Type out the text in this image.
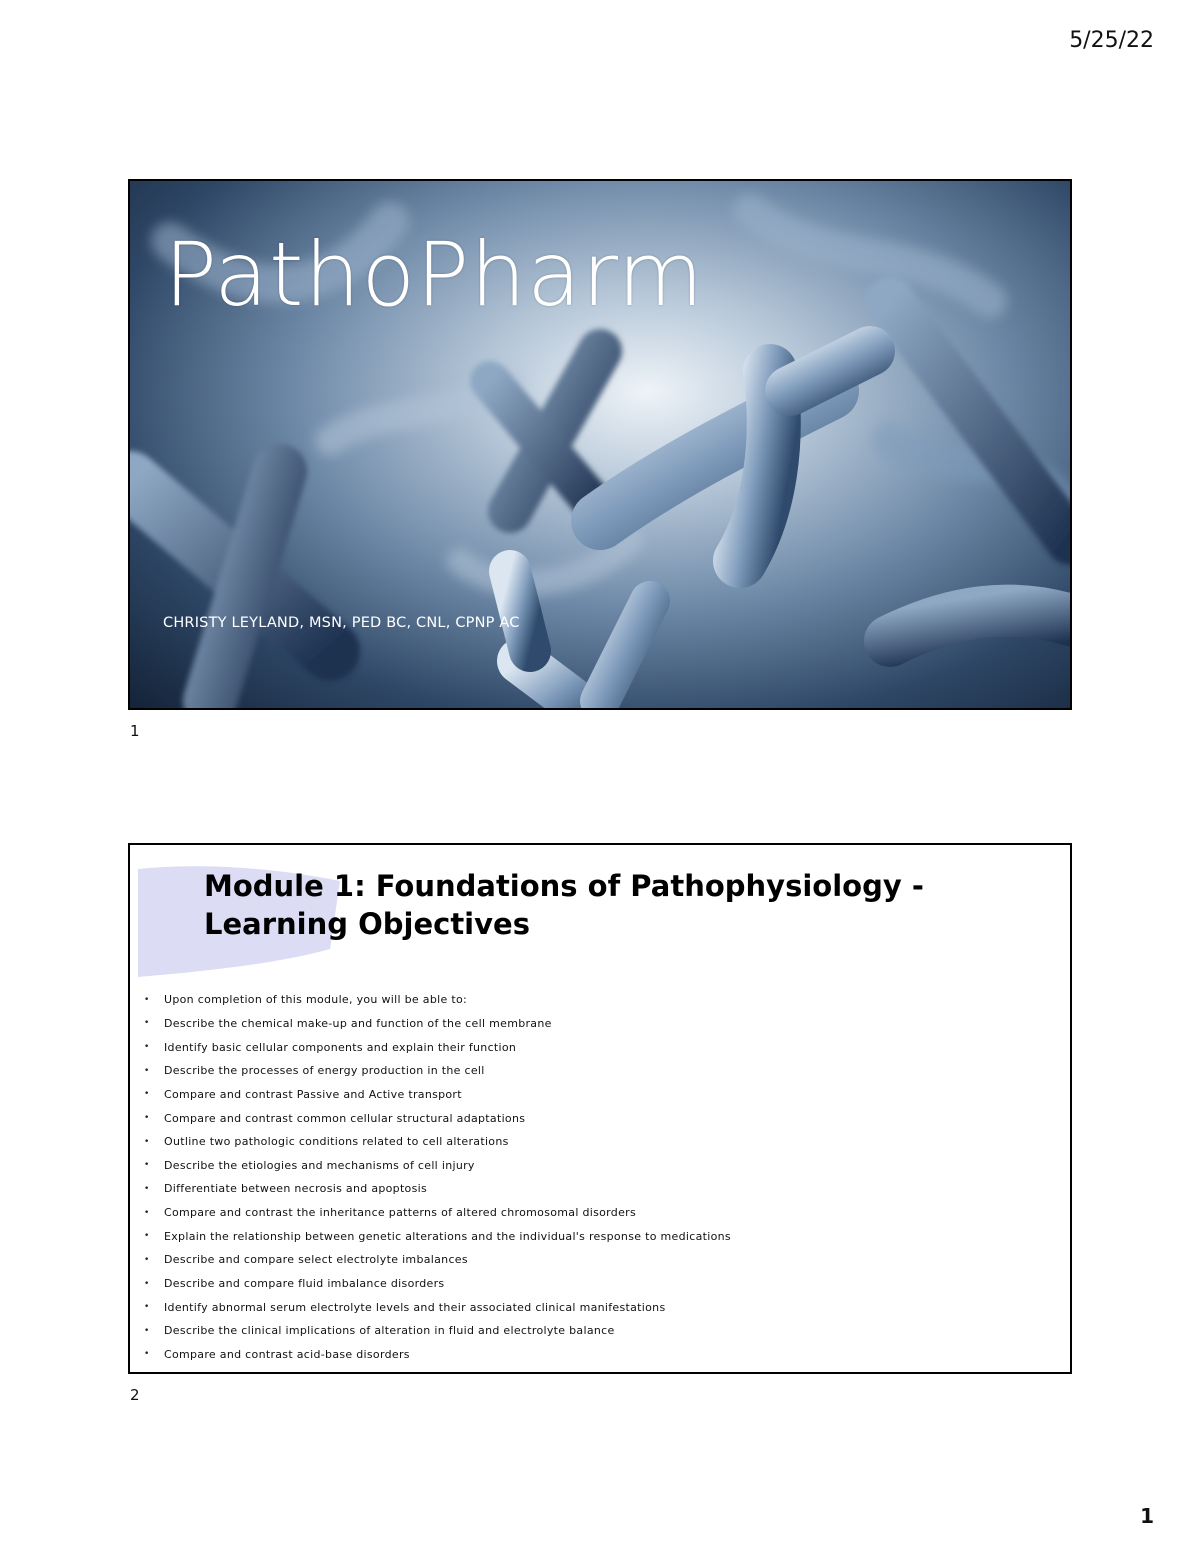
5/25/22
PathoPharm
CHRISTY LEYLAND, MSN, PED BC, CNL, CPNP AC
1
Module 1: Foundations of Pathophysiology - Learning Objectives
•	Upon completion of this module, you will be able to:
•	Describe the chemical make-up and function of the cell membrane
•	Identify basic cellular components and explain their function
•	Describe the processes of energy production in the cell
•	Compare and contrast Passive and Active transport
•	Compare and contrast common cellular structural adaptations
•	Outline two pathologic conditions related to cell alterations
•	Describe the etiologies and mechanisms of cell injury
•	Differentiate between necrosis and apoptosis
•	Compare and contrast the inheritance patterns of altered chromosomal disorders
•	Explain the relationship between genetic alterations and the individual's response to medications
•	Describe and compare select electrolyte imbalances
•	Describe and compare fluid imbalance disorders
•	Identify abnormal serum electrolyte levels and their associated clinical manifestations
•	Describe the clinical implications of alteration in fluid and electrolyte balance
•	Compare and contrast acid-base disorders
2
1
